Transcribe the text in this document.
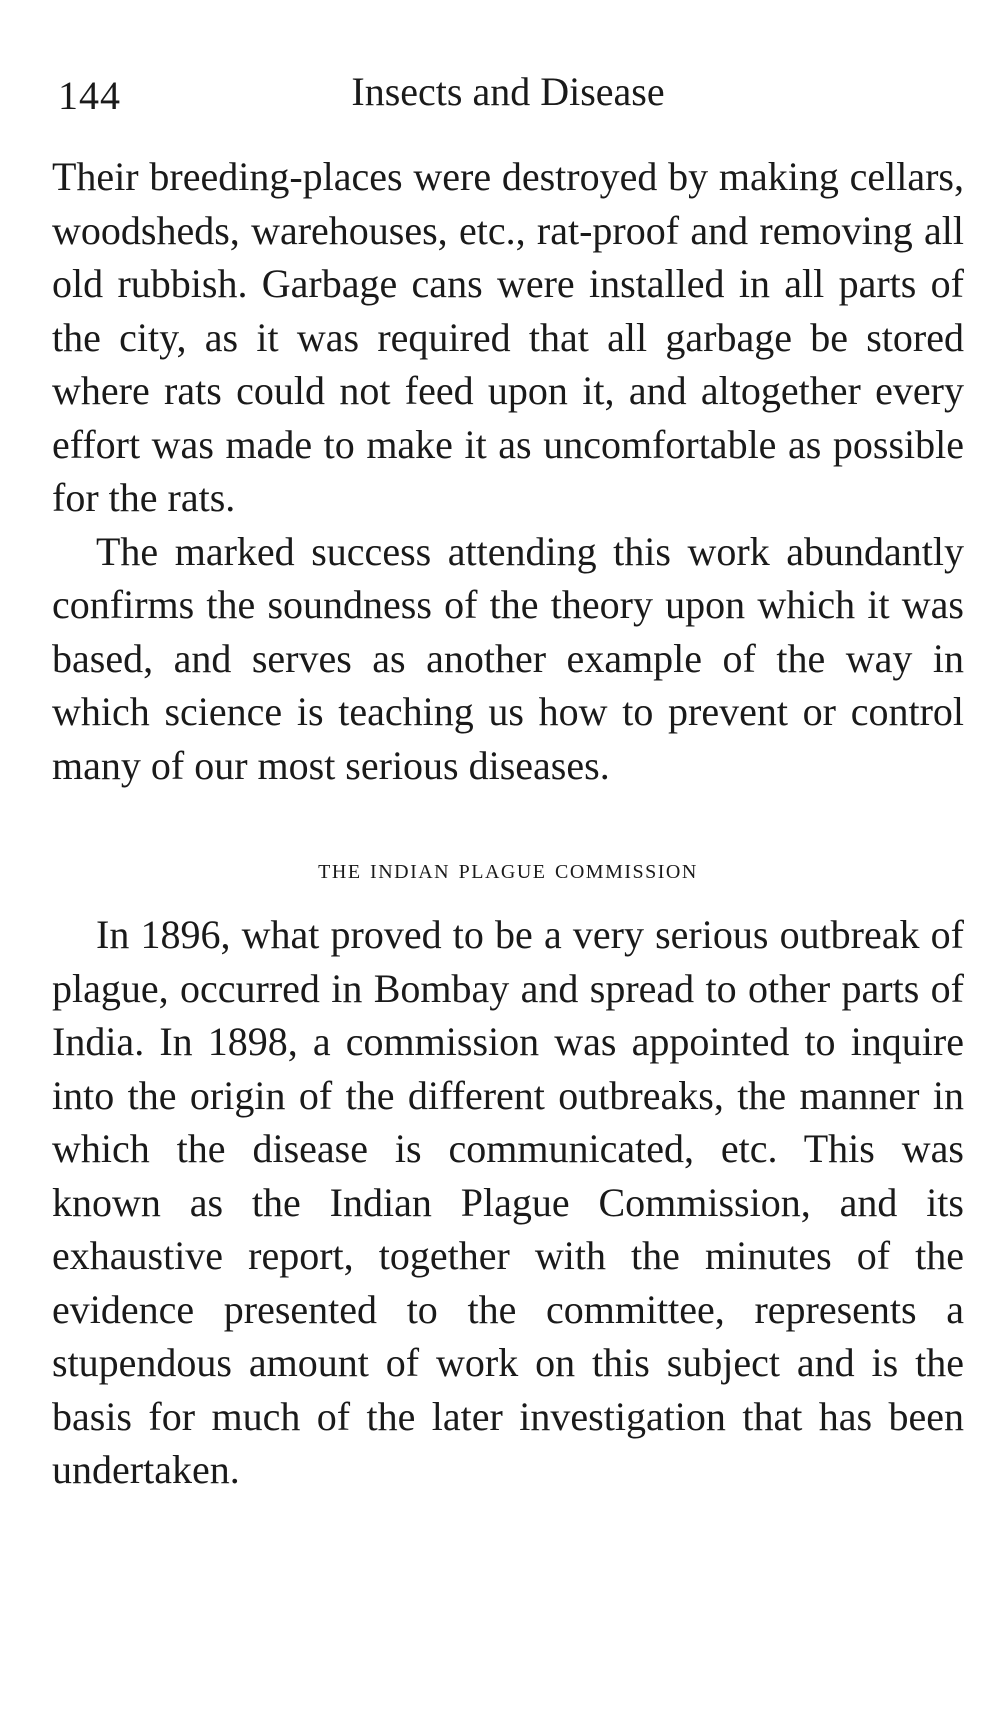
144	Insects and Disease

Their breeding-places were destroyed by making cellars, woodsheds, warehouses, etc., rat-proof and removing all old rubbish. Garbage cans were installed in all parts of the city, as it was required that all garbage be stored where rats could not feed upon it, and altogether every effort was made to make it as uncomfortable as possible for the rats.

The marked success attending this work abundantly confirms the soundness of the theory upon which it was based, and serves as another example of the way in which science is teaching us how to prevent or control many of our most serious diseases.

the indian plague commission

In 1896, what proved to be a very serious outbreak of plague, occurred in Bombay and spread to other parts of India. In 1898, a commission was appointed to inquire into the origin of the different outbreaks, the manner in which the disease is communicated, etc. This was known as the Indian Plague Commission, and its exhaustive report, together with the minutes of the evidence presented to the committee, represents a stupendous amount of work on this subject and is the basis for much of the later investigation that has been undertaken.
